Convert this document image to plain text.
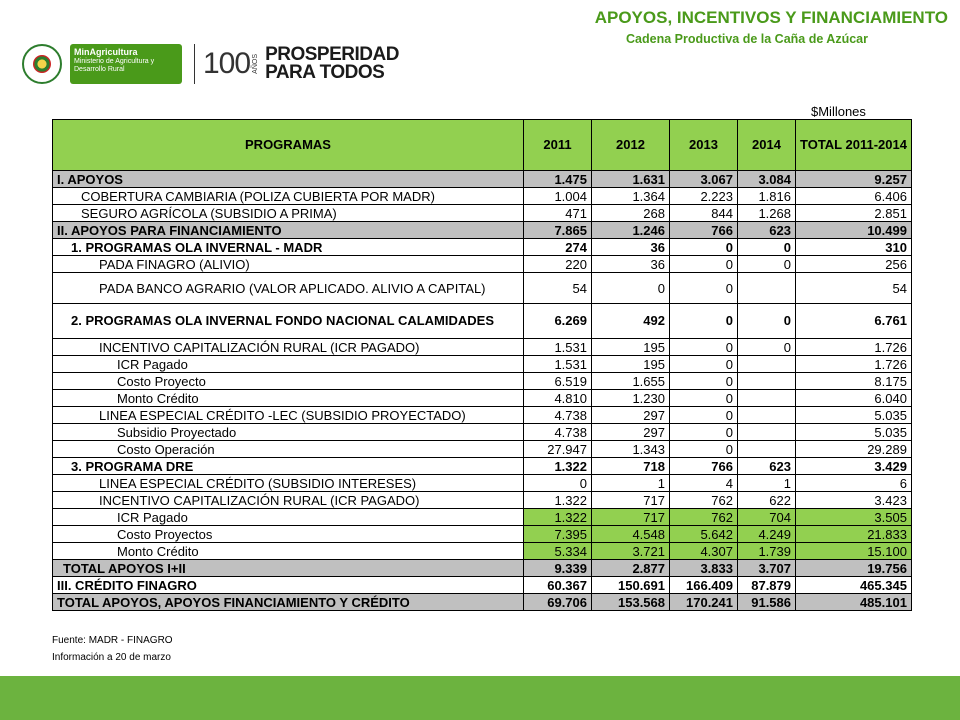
APOYOS, INCENTIVOS Y FINANCIAMIENTO
Cadena Productiva de la Caña de Azúcar
MinAgricultura
Ministerio de Agricultura y Desarrollo Rural	100 AÑOS PROSPERIDAD
PARA TODOS
$Millones
PROGRAMAS	2011	2012	2013	2014	TOTAL 2011-2014
I. APOYOS	1.475	1.631	3.067	3.084	9.257
COBERTURA CAMBIARIA (POLIZA CUBIERTA POR MADR)	1.004	1.364	2.223	1.816	6.406
SEGURO AGRÍCOLA (SUBSIDIO A PRIMA)	471	268	844	1.268	2.851
II. APOYOS PARA FINANCIAMIENTO	7.865	1.246	766	623	10.499
1. PROGRAMAS OLA INVERNAL - MADR	274	36	0	0	310
PADA FINAGRO (ALIVIO)	220	36	0	0	256
PADA BANCO AGRARIO (VALOR APLICADO. ALIVIO A CAPITAL)	54	0	0		54
2. PROGRAMAS OLA INVERNAL FONDO NACIONAL CALAMIDADES	6.269	492	0	0	6.761
INCENTIVO CAPITALIZACIÓN RURAL (ICR PAGADO)	1.531	195	0	0	1.726
ICR Pagado	1.531	195	0		1.726
Costo Proyecto	6.519	1.655	0		8.175
Monto Crédito	4.810	1.230	0		6.040
LINEA ESPECIAL CRÉDITO -LEC (SUBSIDIO PROYECTADO)	4.738	297	0		5.035
Subsidio Proyectado	4.738	297	0		5.035
Costo Operación	27.947	1.343	0		29.289
3. PROGRAMA DRE	1.322	718	766	623	3.429
LINEA ESPECIAL CRÉDITO (SUBSIDIO INTERESES)	0	1	4	1	6
INCENTIVO CAPITALIZACIÓN RURAL (ICR PAGADO)	1.322	717	762	622	3.423
ICR Pagado	1.322	717	762	704	3.505
Costo Proyectos	7.395	4.548	5.642	4.249	21.833
Monto Crédito	5.334	3.721	4.307	1.739	15.100
TOTAL APOYOS I+II	9.339	2.877	3.833	3.707	19.756
III. CRÉDITO FINAGRO	60.367	150.691	166.409	87.879	465.345
TOTAL APOYOS, APOYOS FINANCIAMIENTO Y CRÉDITO	69.706	153.568	170.241	91.586	485.101
Fuente: MADR - FINAGRO
Información a 20 de marzo
